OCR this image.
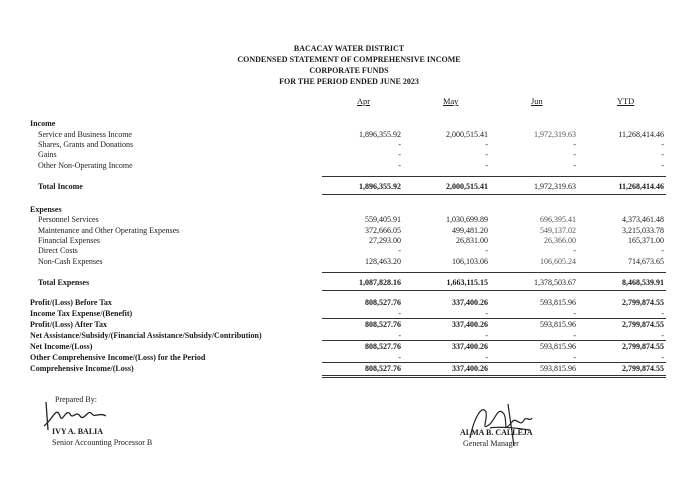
BACACAY WATER DISTRICT
CONDENSED STATEMENT OF COMPREHENSIVE INCOME
CORPORATE FUNDS
FOR THE PERIOD ENDED JUNE 2023
Apr	May	Jun	YTD
Income
Service and Business Income	1,896,355.92	2,000,515.41	1,972,319.63	11,268,414.46
Shares, Grants and Donations	-	-	-	-
Gains	-	-	-	-
Other Non-Operating Income	-	-	-	-
Total Income	1,896,355.92	2,000,515.41	1,972,319.63	11,268,414.46
Expenses
Personnel Services	559,405.91	1,030,699.89	696,395.41	4,373,461.48
Maintenance and Other Operating Expenses	372,666.05	499,481.20	549,137.02	3,215,033.78
Financial Expenses	27,293.00	26,831.00	26,366.00	165,371.00
Direct Costs	-	-	-	-
Non-Cash Expenses	128,463.20	106,103.06	106,605.24	714,673.65
Total Expenses	1,087,828.16	1,663,115.15	1,378,503.67	8,468,539.91
Profit/(Loss) Before Tax	808,527.76	337,400.26	593,815.96	2,799,874.55
Income Tax Expense/(Benefit)	-	-	-	-
Profit/(Loss) After Tax	808,527.76	337,400.26	593,815.96	2,799,874.55
Net Assistance/Subsidy/(Financial Assistance/Subsidy/Contribution)	-	-	-	-
Net Income/(Loss)	808,527.76	337,400.26	593,815.96	2,799,874.55
Other Comprehensive Income/(Loss) for the Period	-	-	-	-
Comprehensive Income/(Loss)	808,527.76	337,400.26	593,815.96	2,799,874.55
Prepared By:
IVY A. BALIA
Senior Accounting Processor B
ALMA B. CALLEJA
General Manager
